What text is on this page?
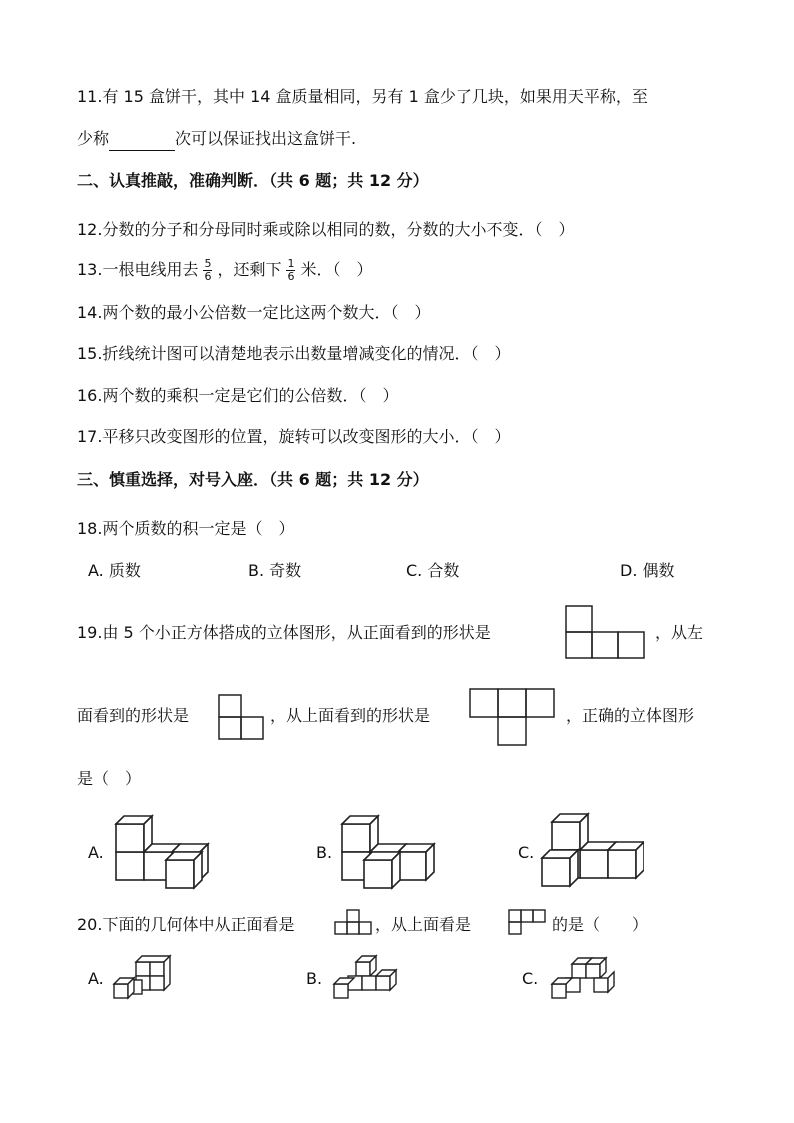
11.有 15 盒饼干，其中 14 盒质量相同，另有 1 盒少了几块，如果用天平称，至
少称	次可以保证找出这盒饼干.
二、认真推敲，准确判断．（共 6 题；共 12 分）
12.分数的分子和分母同时乘或除以相同的数，分数的大小不变．（　）
13.一根电线用去 $\frac{5}{6}$ ，还剩下 $\frac{1}{6}$ 米．（　）
14.两个数的最小公倍数一定比这两个数大．（　）
15.折线统计图可以清楚地表示出数量增减变化的情况．（　）
16.两个数的乘积一定是它们的公倍数．（　）
17.平移只改变图形的位置，旋转可以改变图形的大小．（　）
三、慎重选择，对号入座．（共 6 题；共 12 分）
18.两个质数的积一定是（　）
A. 质数	B. 奇数	C. 合数	D. 偶数
19.由 5 个小正方体搭成的立体图形，从正面看到的形状是	，从左
面看到的形状是	，从上面看到的形状是	，正确的立体图形
是（　）
A.	B.	C.
20.下面的几何体中从正面看是	，从上面看是	的是（　　）
A.	B.	C.
